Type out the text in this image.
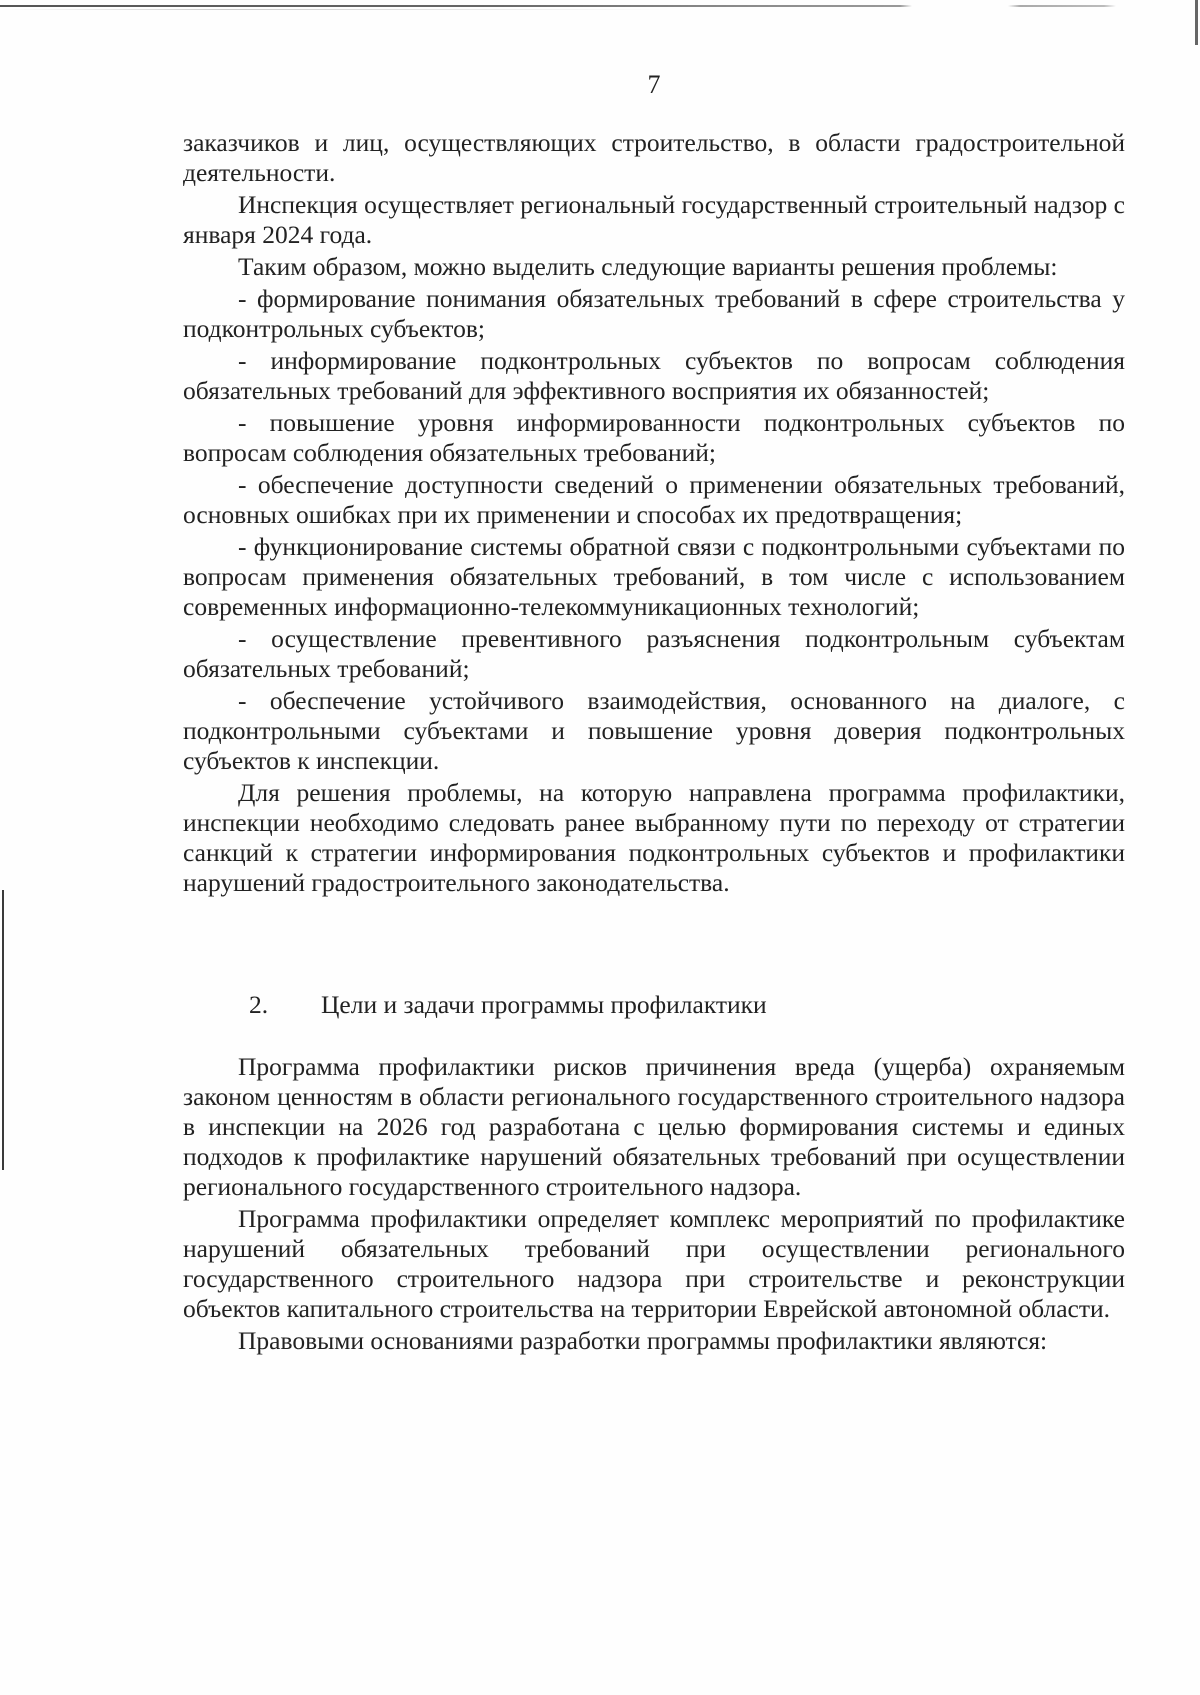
7

заказчиков и лиц, осуществляющих строительство, в области градостроительной деятельности.

Инспекция осуществляет региональный государственный строительный надзор с января 2024 года.

Таким образом, можно выделить следующие варианты решения проблемы:

- формирование понимания обязательных требований в сфере строительства у подконтрольных субъектов;

- информирование подконтрольных субъектов по вопросам соблюдения обязательных требований для эффективного восприятия их обязанностей;

- повышение уровня информированности подконтрольных субъектов по вопросам соблюдения обязательных требований;

- обеспечение доступности сведений о применении обязательных требований, основных ошибках при их применении и способах их предотвращения;

- функционирование системы обратной связи с подконтрольными субъектами по вопросам применения обязательных требований, в том числе с использованием современных информационно-телекоммуникационных технологий;

- осуществление превентивного разъяснения подконтрольным субъектам обязательных требований;

- обеспечение устойчивого взаимодействия, основанного на диалоге, с подконтрольными субъектами и повышение уровня доверия подконтрольных субъектов к инспекции.

Для решения проблемы, на которую направлена программа профилактики, инспекции необходимо следовать ранее выбранному пути по переходу от стратегии санкций к стратегии информирования подконтрольных субъектов и профилактики нарушений градостроительного законодательства.

2. Цели и задачи программы профилактики

Программа профилактики рисков причинения вреда (ущерба) охраняемым законом ценностям в области регионального государственного строительного надзора в инспекции на 2026 год разработана с целью формирования системы и единых подходов к профилактике нарушений обязательных требований при осуществлении регионального государственного строительного надзора.

Программа профилактики определяет комплекс мероприятий по профилактике нарушений обязательных требований при осуществлении регионального государственного строительного надзора при строительстве и реконструкции объектов капитального строительства на территории Еврейской автономной области.

Правовыми основаниями разработки программы профилактики являются:
